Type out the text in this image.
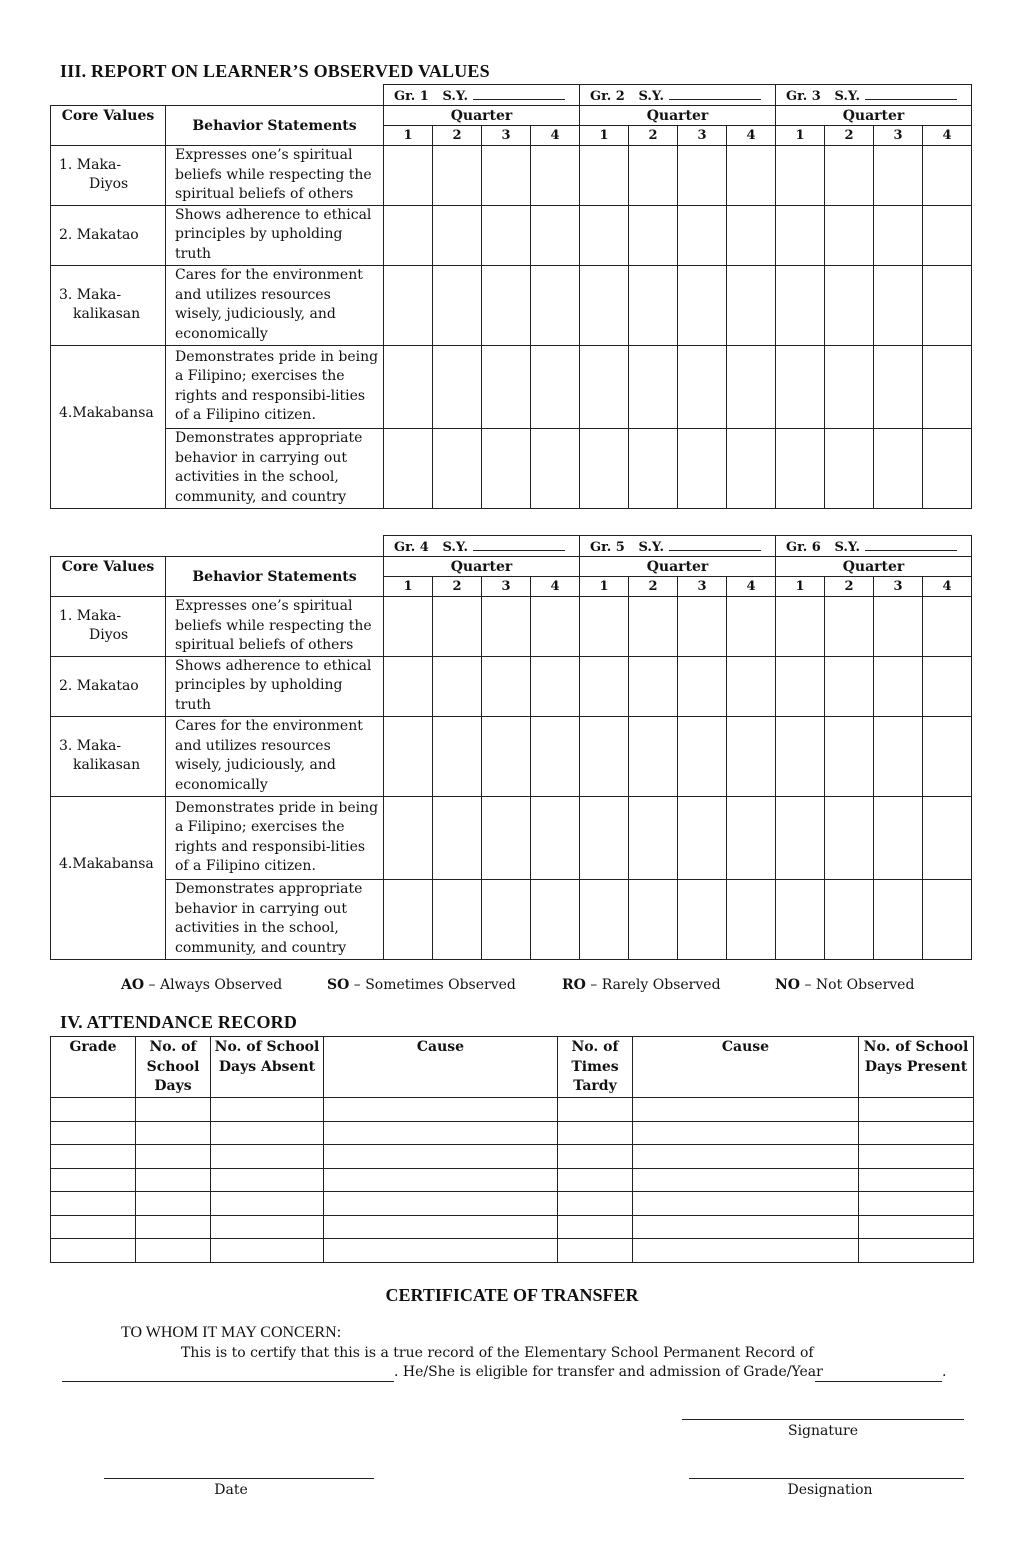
III. REPORT ON LEARNER’S OBSERVED VALUES
		Gr. 1 S.Y.				Gr. 2 S.Y.				Gr. 3 S.Y.			
Core Values	Behavior Statements	Quarter				Quarter				Quarter			
		1	2	3	4	1	2	3	4	1	2	3	4
1. Maka-
Diyos	Expresses one’s spiritual beliefs while respecting the spiritual beliefs of others												
2. Makatao	Shows adherence to ethical principles by upholding truth												
3. Maka-
kalikasan	Cares for the environment and utilizes resources wisely, judiciously, and economically												
4.Makabansa	Demonstrates pride in being a Filipino; exercises the rights and responsibi-lities of a Filipino citizen.												
	Demonstrates appropriate behavior in carrying out activities in the school, community, and country												
		Gr. 4 S.Y.				Gr. 5 S.Y.				Gr. 6 S.Y.			
Core Values	Behavior Statements	Quarter				Quarter				Quarter			
		1	2	3	4	1	2	3	4	1	2	3	4
1. Maka-
Diyos	Expresses one’s spiritual beliefs while respecting the spiritual beliefs of others												
2. Makatao	Shows adherence to ethical principles by upholding truth												
3. Maka-
kalikasan	Cares for the environment and utilizes resources wisely, judiciously, and economically												
4.Makabansa	Demonstrates pride in being a Filipino; exercises the rights and responsibi-lities of a Filipino citizen.												
	Demonstrates appropriate behavior in carrying out activities in the school, community, and country												
AO – Always Observed	SO – Sometimes Observed	RO – Rarely Observed	NO – Not Observed
IV. ATTENDANCE RECORD
Grade	No. of School Days	No. of School Days Absent	Cause	No. of Times Tardy	Cause	No. of School Days Present

CERTIFICATE OF TRANSFER
TO WHOM IT MAY CONCERN:
This is to certify that this is a true record of the Elementary School Permanent Record of
. He/She is eligible for transfer and admission of Grade/Year	.
Signature
Date	Designation
